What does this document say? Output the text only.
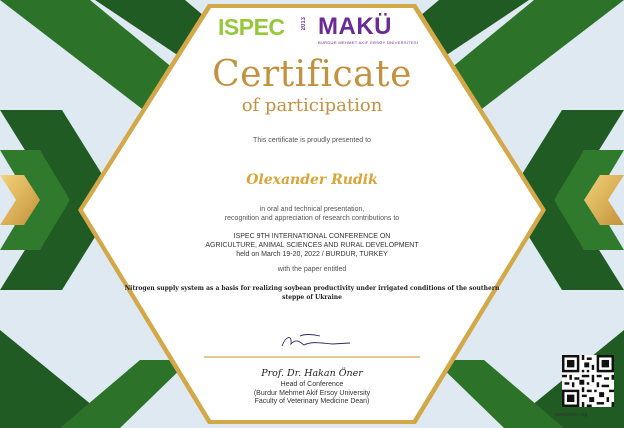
ISPEC	2013 MAKÜ
BURDUR MEHMET AKİF ERSOY ÜNİVERSİTESİ
Certificate
of participation
This certificate is proudly presented to
Olexander Rudik
in oral and technical presentation,
recognition and appreciation of research contributions to
ISPEC 9TH INTERNATIONAL CONFERENCE ON
AGRICULTURE, ANIMAL SCIENCES AND RURAL DEVELOPMENT
held on March 19-20, 2022 / BURDUR, TURKEY
with the paper entitled
Nitrogen supply system as a basis for realizing soybean productivity under irrigated conditions of the southern steppe of Ukraine
Prof. Dr. Hakan Öner
Head of Conference
(Burdur Mehmet Akif Ersoy University
Faculty of Veterinary Medicine Dean)
www.ispec.org
